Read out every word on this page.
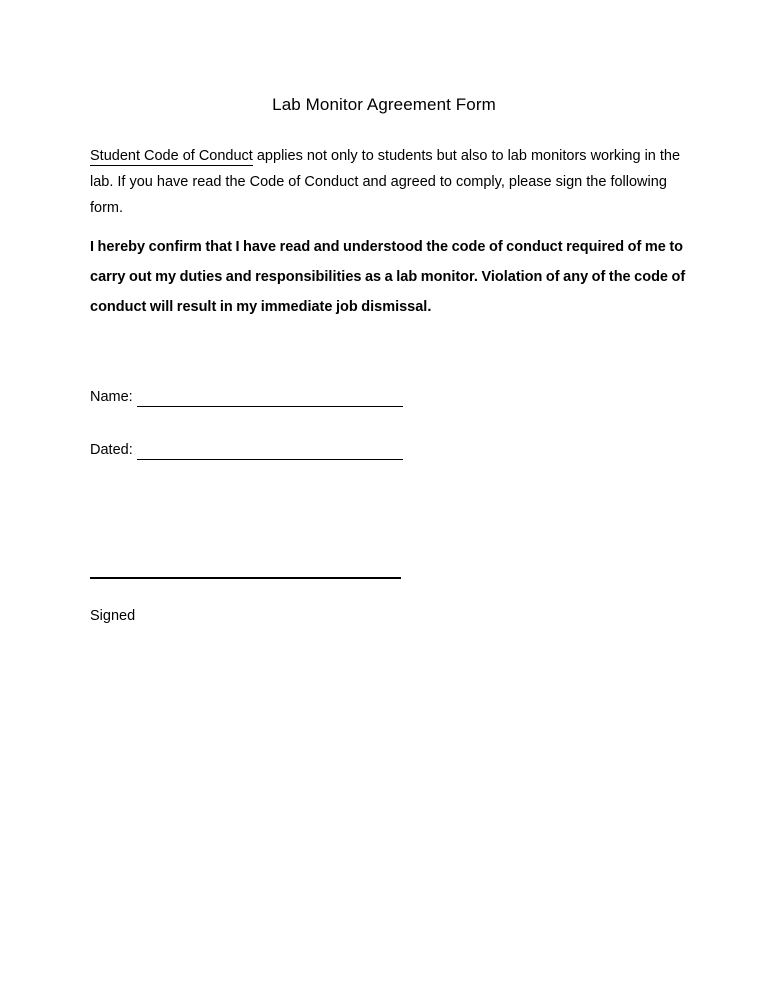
Lab Monitor Agreement Form
Student Code of Conduct applies not only to students but also to lab monitors working in the lab. If you have read the Code of Conduct and agreed to comply, please sign the following form.
I hereby confirm that I have read and understood the code of conduct required of me to carry out my duties and responsibilities as a lab monitor. Violation of any of the code of conduct will result in my immediate job dismissal.
Name:
Dated:
Signed
